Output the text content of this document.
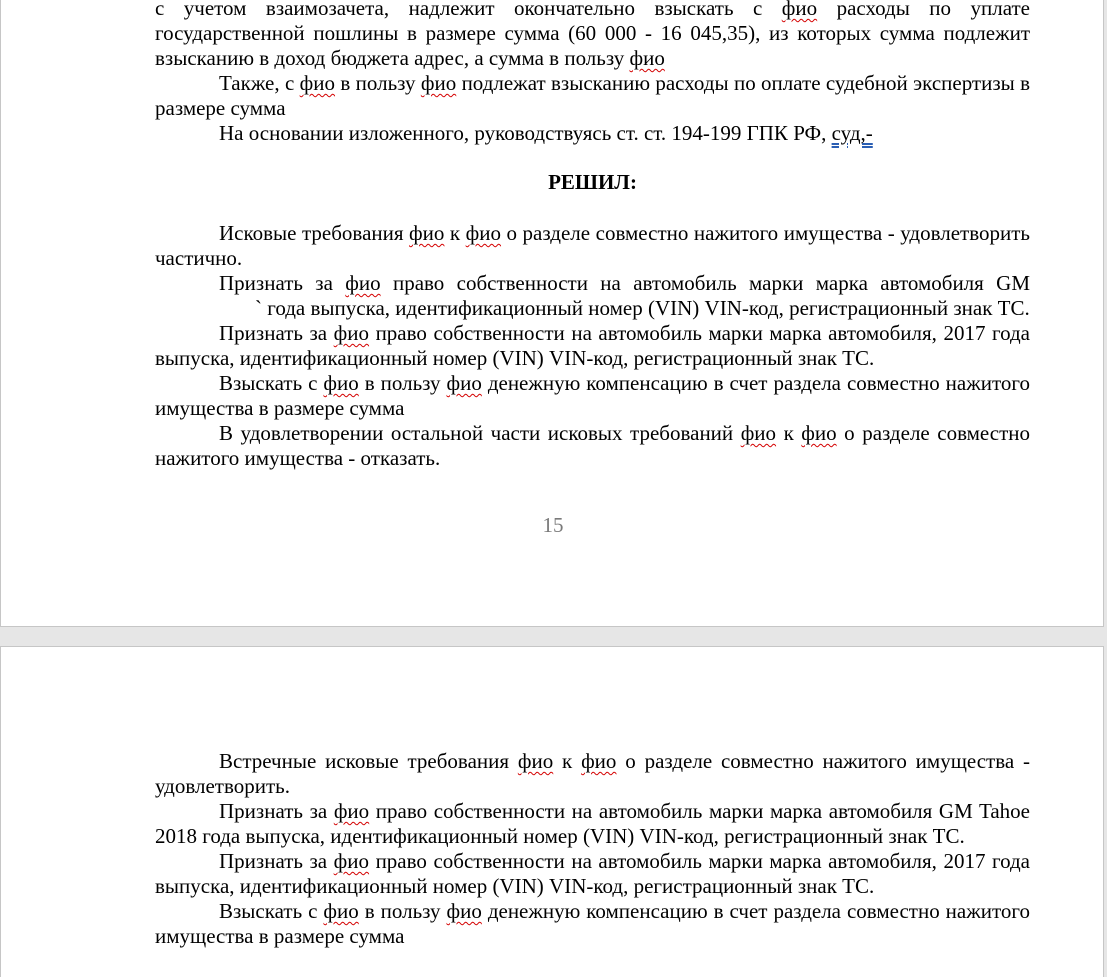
с учетом взаимозачета, надлежит окончательно взыскать с фио расходы по уплате государственной пошлины в размере сумма (60 000 - 16 045,35), из которых сумма подлежит взысканию в доход бюджета адрес, а сумма в пользу фио

Также, с фио в пользу фио подлежат взысканию расходы по оплате судебной экспертизы в размере сумма

На основании изложенного, руководствуясь ст. ст. 194-199 ГПК РФ, суд,-

РЕШИЛ:

Исковые требования фио к фио о разделе совместно нажитого имущества - удовлетворить частично.

Признать за фио право собственности на автомобиль марки марка автомобиля GM ` года выпуска, идентификационный номер (VIN) VIN-код, регистрационный знак ТС.

Признать за фио право собственности на автомобиль марки марка автомобиля, 2017 года выпуска, идентификационный номер (VIN) VIN-код, регистрационный знак ТС.

Взыскать с фио в пользу фио денежную компенсацию в счет раздела совместно нажитого имущества в размере сумма

В удовлетворении остальной части исковых требований фио к фио о разделе совместно нажитого имущества - отказать.

15

Встречные исковые требования фио к фио о разделе совместно нажитого имущества - удовлетворить.

Признать за фио право собственности на автомобиль марки марка автомобиля GM Tahoe 2018 года выпуска, идентификационный номер (VIN) VIN-код, регистрационный знак ТС.

Признать за фио право собственности на автомобиль марки марка автомобиля, 2017 года выпуска, идентификационный номер (VIN) VIN-код, регистрационный знак ТС.

Взыскать с фио в пользу фио денежную компенсацию в счет раздела совместно нажитого имущества в размере сумма
